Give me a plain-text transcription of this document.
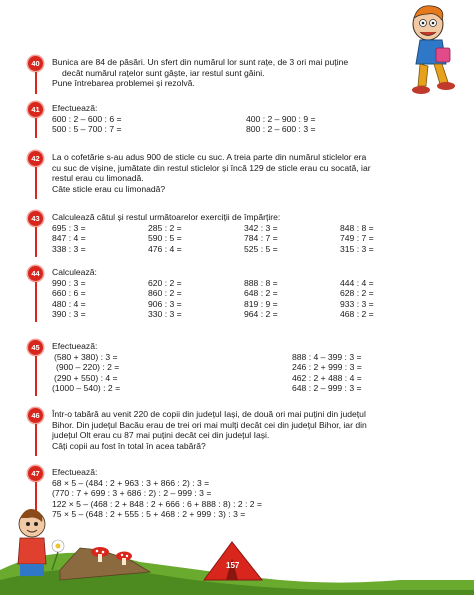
40	Bunica are 84 de păsări. Un sfert din numărul lor sunt rațe, de 3 ori mai puține
decât numărul rațelor sunt gâște, iar restul sunt găini.
Pune întrebarea problemei și rezolvă.
41	Efectuează:
600 : 2 – 600 : 6 =	400 : 2 – 900 : 9 =
500 : 5 – 700 : 7 =	800 : 2 – 600 : 3 =
42	La o cofetărie s-au adus 900 de sticle cu suc. A treia parte din numărul sticlelor era
cu suc de vișine, jumătate din restul sticlelor și încă 129 de sticle erau cu socată, iar
restul erau cu limonadă.
Câte sticle erau cu limonadă?
43	Calculează câtul și restul următoarelor exerciții de împărțire:
695 : 3 =	285 : 2 =	342 : 3 =	848 : 8 =
847 : 4 =	590 : 5 =	784 : 7 =	749 : 7 =
338 : 3 =	476 : 4 =	525 : 5 =	315 : 3 =
44	Calculează:
990 : 3 =	620 : 2 =	888 : 8 =	444 : 4 =
660 : 6 =	860 : 2 =	648 : 2 =	628 : 2 =
480 : 4 =	906 : 3 =	819 : 9 =	933 : 3 =
390 : 3 =	330 : 3 =	964 : 2 =	468 : 2 =
45	Efectuează:
(580 + 380) : 3 =	888 : 4 – 399 : 3 =
(900 – 220) : 2 =	246 : 2 + 999 : 3 =
(290 + 550) : 4 =	462 : 2 + 488 : 4 =
(1000 – 540) : 2 =	648 : 2 – 999 : 3 =
46	Într-o tabără au venit 220 de copii din județul Iași, de două ori mai puțini din județul
Bihor. Din județul Bacău erau de trei ori mai mulți decât cei din județul Bihor, iar din
județul Olt erau cu 87 mai puțini decât cei din județul Iași.
Câți copii au fost în total în acea tabără?
47	Efectuează:
68 × 5 – (484 : 2 + 963 : 3 + 866 : 2) : 3 =
(770 : 7 + 699 : 3 + 686 : 2) : 2 – 999 : 3 =
122 × 5 – (468 : 2 + 848 : 2 + 666 : 6 + 888 : 8) : 2 : 2 =
75 × 5 – (648 : 2 + 555 : 5 + 468 : 2 + 999 : 3) : 3 =
157
